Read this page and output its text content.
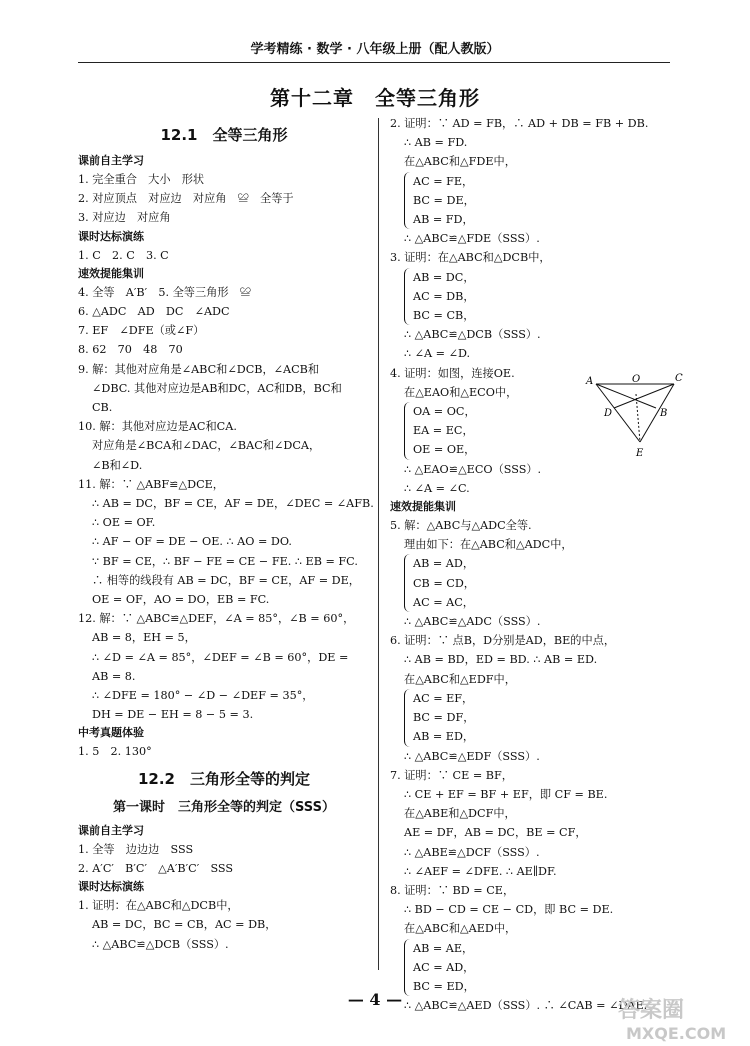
学考精练 · 数学 · 八年级上册（配人教版）
第十二章　全等三角形
12.1　全等三角形
课前自主学习
1. 完全重合　大小　形状
2. 对应顶点　对应边　对应角　≌　全等于
3. 对应边　对应角
课时达标演练
1. C　2. C　3. C
速效提能集训
4. 全等　A′B′　5. 全等三角形　≌
6. △ADC　AD　DC　∠ADC
7. EF　∠DFE（或∠F）
8. 62　70　48　70
9. 解：其他对应角是∠ABC和∠DCB，∠ACB和
∠DBC. 其他对应边是AB和DC，AC和DB，BC和
CB.
10. 解：其他对应边是AC和CA.
对应角是∠BCA和∠DAC，∠BAC和∠DCA，
∠B和∠D.
11. 解：∵ △ABF≌△DCE，
∴ AB = DC，BF = CE，AF = DE，∠DEC = ∠AFB.
∴ OE = OF.
∴ AF − OF = DE − OE. ∴ AO = DO.
∵ BF = CE，∴ BF − FE = CE − FE. ∴ EB = FC.
∴ 相等的线段有 AB = DC，BF = CE，AF = DE，
OE = OF，AO = DO，EB = FC.
12. 解：∵ △ABC≌△DEF，∠A = 85°，∠B = 60°，
AB = 8，EH = 5，
∴ ∠D = ∠A = 85°，∠DEF = ∠B = 60°，DE =
AB = 8.
∴ ∠DFE = 180° − ∠D − ∠DEF = 35°，
DH = DE − EH = 8 − 5 = 3.
中考真题体验
1. 5　2. 130°
12.2　三角形全等的判定
第一课时　三角形全等的判定（SSS）
课前自主学习
1. 全等　边边边　SSS
2. A′C′　B′C′　△A′B′C′　SSS
课时达标演练
1. 证明：在△ABC和△DCB中，
AB = DC，BC = CB，AC = DB，
∴ △ABC≌△DCB（SSS）.
2. 证明：∵ AD = FB，∴ AD + DB = FB + DB.
∴ AB = FD.
在△ABC和△FDE中，
AC = FE，
BC = DE，
AB = FD，
∴ △ABC≌△FDE（SSS）.
3. 证明：在△ABC和△DCB中，
AB = DC，
AC = DB，
BC = CB，
∴ △ABC≌△DCB（SSS）.
∴ ∠A = ∠D.
4. 证明：如图，连接OE.
在△EAO和△ECO中，
OA = OC，
EA = EC，
OE = OE，
∴ △EAO≌△ECO（SSS）.
∴ ∠A = ∠C.
速效提能集训
5. 解：△ABC与△ADC全等.
理由如下：在△ABC和△ADC中，
AB = AD，
CB = CD，
AC = AC，
∴ △ABC≌△ADC（SSS）.
6. 证明：∵ 点B，D分别是AD，BE的中点，
∴ AB = BD，ED = BD. ∴ AB = ED.
在△ABC和△EDF中，
AC = EF，
BC = DF，
AB = ED，
∴ △ABC≌△EDF（SSS）.
7. 证明：∵ CE = BF，
∴ CE + EF = BF + EF，即 CF = BE.
在△ABE和△DCF中，
AE = DF，AB = DC，BE = CF，
∴ △ABE≌△DCF（SSS）.
∴ ∠AEF = ∠DFE. ∴ AE∥DF.
8. 证明：∵ BD = CE，
∴ BD − CD = CE − CD，即 BC = DE.
在△ABC和△AED中，
AB = AE，
AC = AD，
BC = ED，
∴ △ABC≌△AED（SSS）. ∴ ∠CAB = ∠DAE.
A	O	C
D	B
E
— 4 —	答案圈
MXQE.COM
